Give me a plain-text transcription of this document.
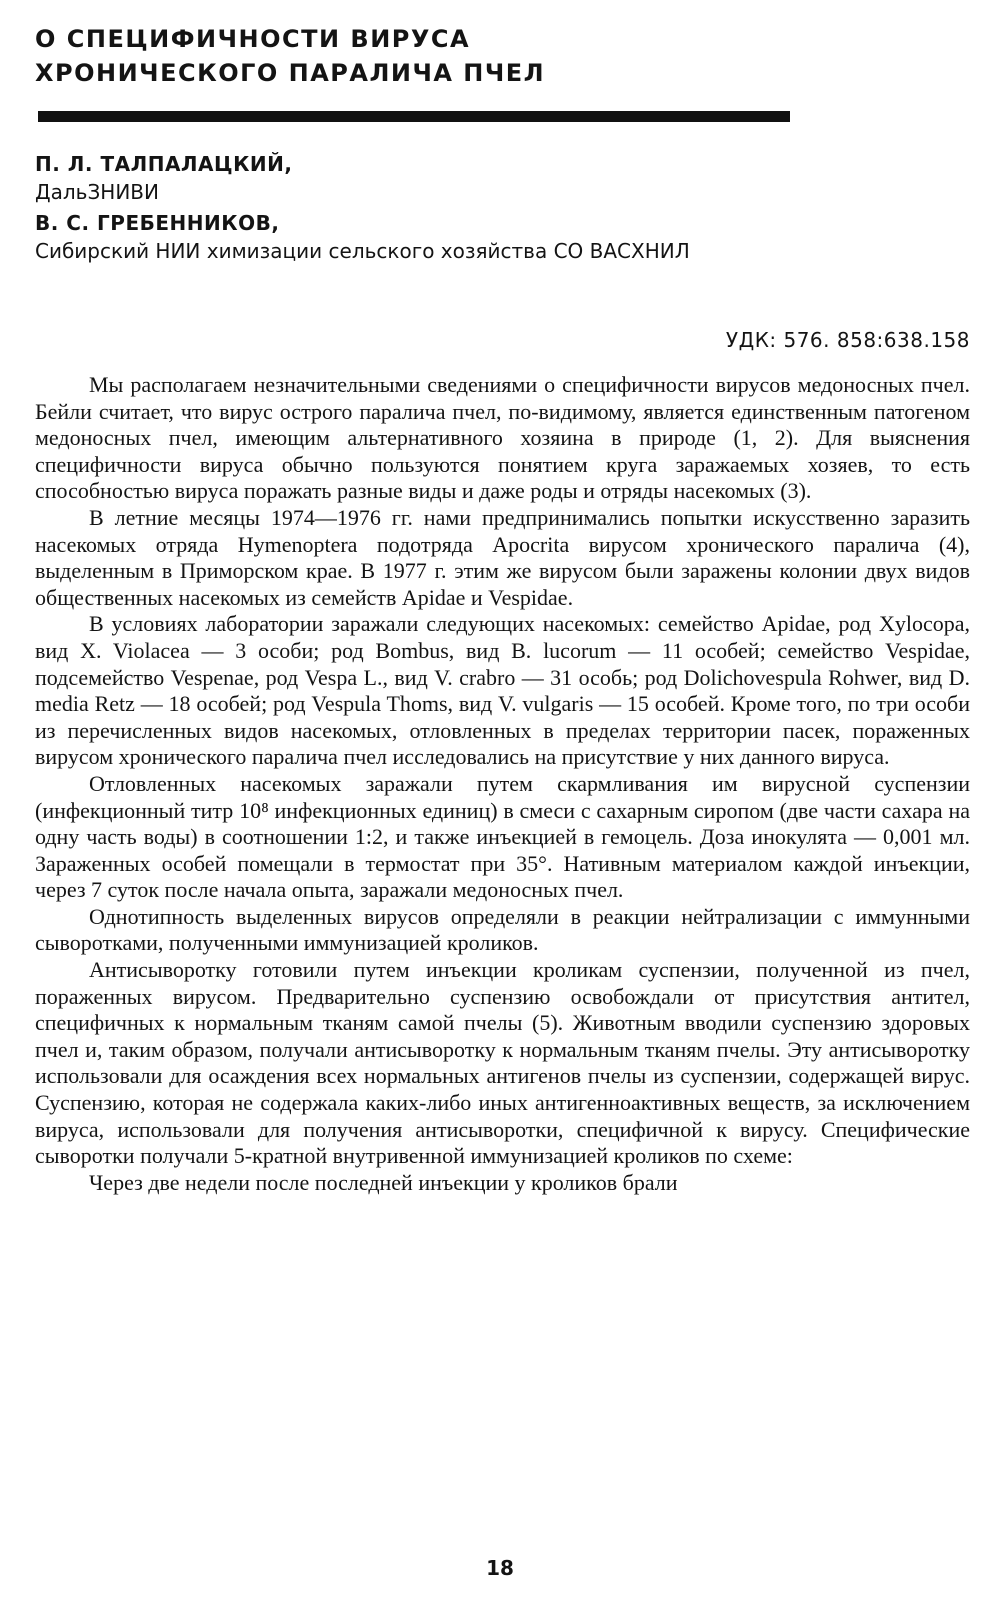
О СПЕЦИФИЧНОСТИ ВИРУСА
ХРОНИЧЕСКОГО ПАРАЛИЧА ПЧЕЛ
П. Л. ТАЛПАЛАЦКИЙ,
ДальЗНИВИ
В. С. ГРЕБЕННИКОВ,
Сибирский НИИ химизации сельского хозяйства СО ВАСХНИЛ
УДК: 576. 858:638.158

Мы располагаем незначительными сведениями о специфичности вирусов медоносных пчел. Бейли считает, что вирус острого паралича пчел, по-видимому, является единственным патогеном медоносных пчел, имеющим альтернативного хозяина в природе (1, 2). Для выяснения специфичности вируса обычно пользуются понятием круга заражаемых хозяев, то есть способностью вируса поражать разные виды и даже роды и отряды насекомых (3).

В летние месяцы 1974—1976 гг. нами предпринимались попытки искусственно заразить насекомых отряда Hymenoptera подотряда Apocrita вирусом хронического паралича (4), выделенным в Приморском крае. В 1977 г. этим же вирусом были заражены колонии двух видов общественных насекомых из семейств Apidae и Vespidae.

В условиях лаборатории заражали следующих насекомых: семейство Apidae, род Xylocopa, вид X. Violacea — 3 особи; род Bombus, вид B. lucorum — 11 особей; семейство Vespidae, подсемейство Vespenae, род Vespa L., вид V. crabro — 31 особь; род Dolichovespula Rohwer, вид D. media Retz — 18 особей; род Vespula Thoms, вид V. vulgaris — 15 особей. Кроме того, по три особи из перечисленных видов насекомых, отловленных в пределах территории пасек, пораженных вирусом хронического паралича пчел исследовались на присутствие у них данного вируса.

Отловленных насекомых заражали путем скармливания им вирусной суспензии (инфекционный титр 10⁸ инфекционных единиц) в смеси с сахарным сиропом (две части сахара на одну часть воды) в соотношении 1:2, и также инъекцией в гемоцель. Доза инокулята — 0,001 мл. Зараженных особей помещали в термостат при 35°. Нативным материалом каждой инъекции, через 7 суток после начала опыта, заражали медоносных пчел.

Однотипность выделенных вирусов определяли в реакции нейтрализации с иммунными сыворотками, полученными иммунизацией кроликов.

Антисыворотку готовили путем инъекции кроликам суспензии, полученной из пчел, пораженных вирусом. Предварительно суспензию освобождали от присутствия антител, специфичных к нормальным тканям самой пчелы (5). Животным вводили суспензию здоровых пчел и, таким образом, получали антисыворотку к нормальным тканям пчелы. Эту антисыворотку использовали для осаждения всех нормальных антигенов пчелы из суспензии, содержащей вирус. Суспензию, которая не содержала каких-либо иных антигенноактивных веществ, за исключением вируса, использовали для получения антисыворотки, специфичной к вирусу. Специфические сыворотки получали 5-кратной внутривенной иммунизацией кроликов по схеме:

Через две недели после последней инъекции у кроликов брали

18
